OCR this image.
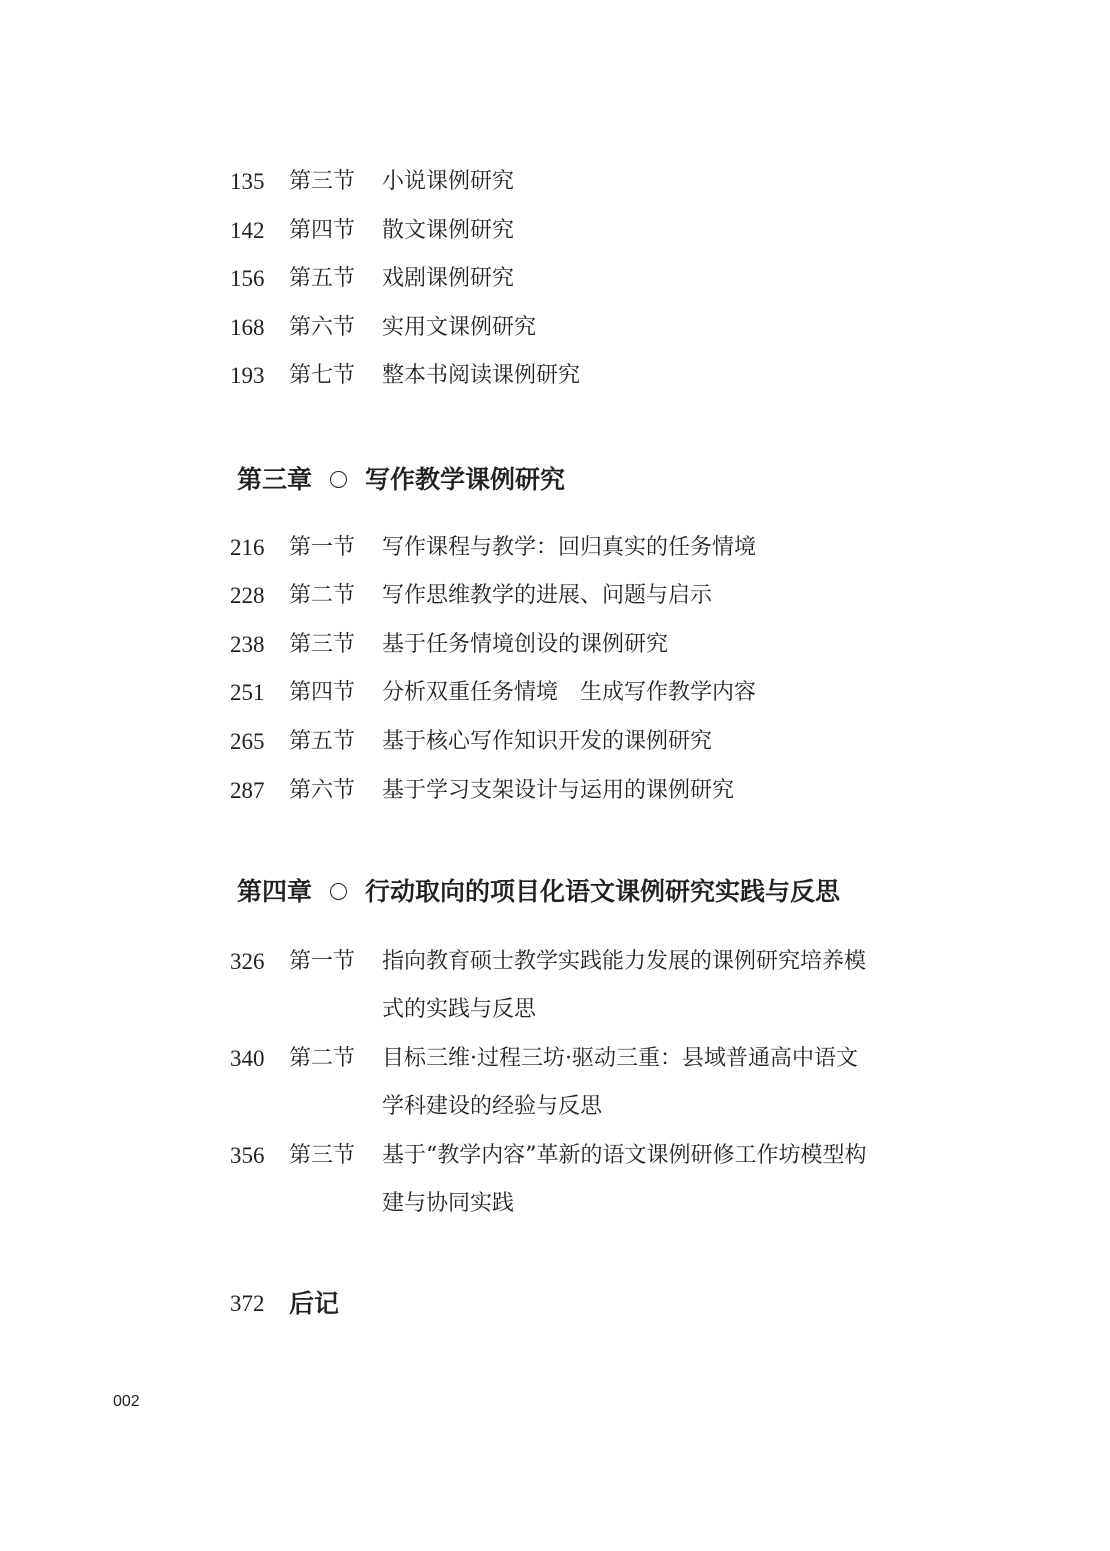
135 第三节 小说课例研究
142 第四节 散文课例研究
156 第五节 戏剧课例研究
168 第六节 实用文课例研究
193 第七节 整本书阅读课例研究
第三章 写作教学课例研究
216 第一节 写作课程与教学：回归真实的任务情境
228 第二节 写作思维教学的进展、问题与启示
238 第三节 基于任务情境创设的课例研究
251 第四节 分析双重任务情境　生成写作教学内容
265 第五节 基于核心写作知识开发的课例研究
287 第六节 基于学习支架设计与运用的课例研究
第四章 行动取向的项目化语文课例研究实践与反思
326 第一节 指向教育硕士教学实践能力发展的课例研究培养模
式的实践与反思
340 第二节 目标三维·过程三坊·驱动三重：县域普通高中语文
学科建设的经验与反思
356 第三节 基于“教学内容”革新的语文课例研修工作坊模型构
建与协同实践
372 后记
002
